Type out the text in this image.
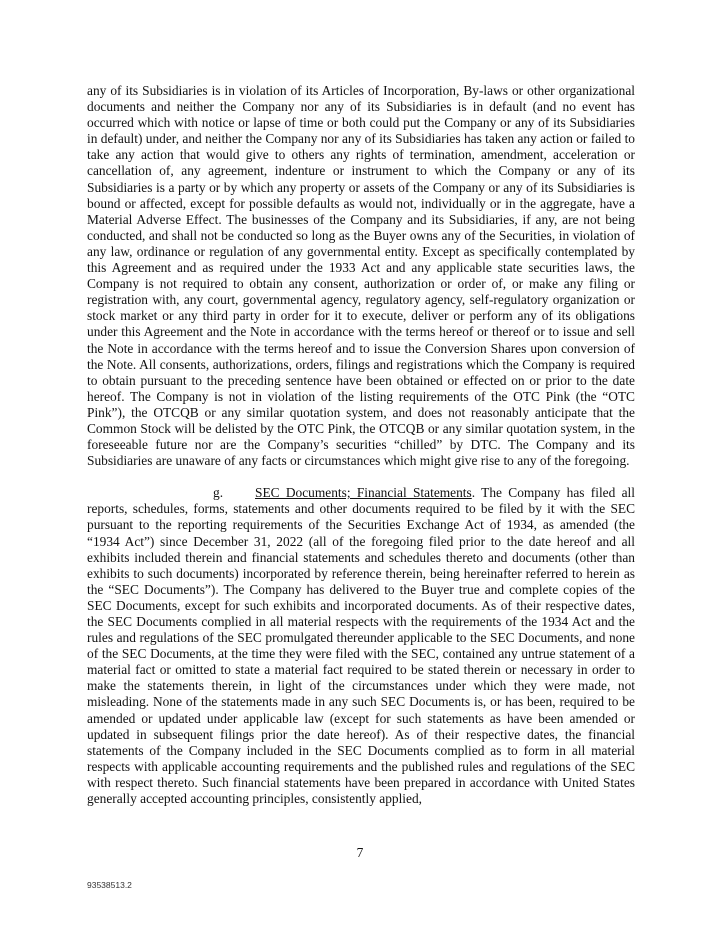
any of its Subsidiaries is in violation of its Articles of Incorporation, By-laws or other organizational documents and neither the Company nor any of its Subsidiaries is in default (and no event has occurred which with notice or lapse of time or both could put the Company or any of its Subsidiaries in default) under, and neither the Company nor any of its Subsidiaries has taken any action or failed to take any action that would give to others any rights of termination, amendment, acceleration or cancellation of, any agreement, indenture or instrument to which the Company or any of its Subsidiaries is a party or by which any property or assets of the Company or any of its Subsidiaries is bound or affected, except for possible defaults as would not, individually or in the aggregate, have a Material Adverse Effect. The businesses of the Company and its Subsidiaries, if any, are not being conducted, and shall not be conducted so long as the Buyer owns any of the Securities, in violation of any law, ordinance or regulation of any governmental entity. Except as specifically contemplated by this Agreement and as required under the 1933 Act and any applicable state securities laws, the Company is not required to obtain any consent, authorization or order of, or make any filing or registration with, any court, governmental agency, regulatory agency, self-regulatory organization or stock market or any third party in order for it to execute, deliver or perform any of its obligations under this Agreement and the Note in accordance with the terms hereof or thereof or to issue and sell the Note in accordance with the terms hereof and to issue the Conversion Shares upon conversion of the Note. All consents, authorizations, orders, filings and registrations which the Company is required to obtain pursuant to the preceding sentence have been obtained or effected on or prior to the date hereof. The Company is not in violation of the listing requirements of the OTC Pink (the “OTC Pink”), the OTCQB or any similar quotation system, and does not reasonably anticipate that the Common Stock will be delisted by the OTC Pink, the OTCQB or any similar quotation system, in the foreseeable future nor are the Company’s securities “chilled” by DTC. The Company and its Subsidiaries are unaware of any facts or circumstances which might give rise to any of the foregoing.

g. SEC Documents; Financial Statements. The Company has filed all reports, schedules, forms, statements and other documents required to be filed by it with the SEC pursuant to the reporting requirements of the Securities Exchange Act of 1934, as amended (the “1934 Act”) since December 31, 2022 (all of the foregoing filed prior to the date hereof and all exhibits included therein and financial statements and schedules thereto and documents (other than exhibits to such documents) incorporated by reference therein, being hereinafter referred to herein as the “SEC Documents”). The Company has delivered to the Buyer true and complete copies of the SEC Documents, except for such exhibits and incorporated documents. As of their respective dates, the SEC Documents complied in all material respects with the requirements of the 1934 Act and the rules and regulations of the SEC promulgated thereunder applicable to the SEC Documents, and none of the SEC Documents, at the time they were filed with the SEC, contained any untrue statement of a material fact or omitted to state a material fact required to be stated therein or necessary in order to make the statements therein, in light of the circumstances under which they were made, not misleading. None of the statements made in any such SEC Documents is, or has been, required to be amended or updated under applicable law (except for such statements as have been amended or updated in subsequent filings prior the date hereof). As of their respective dates, the financial statements of the Company included in the SEC Documents complied as to form in all material respects with applicable accounting requirements and the published rules and regulations of the SEC with respect thereto. Such financial statements have been prepared in accordance with United States generally accepted accounting principles, consistently applied,

7
93538513.2
